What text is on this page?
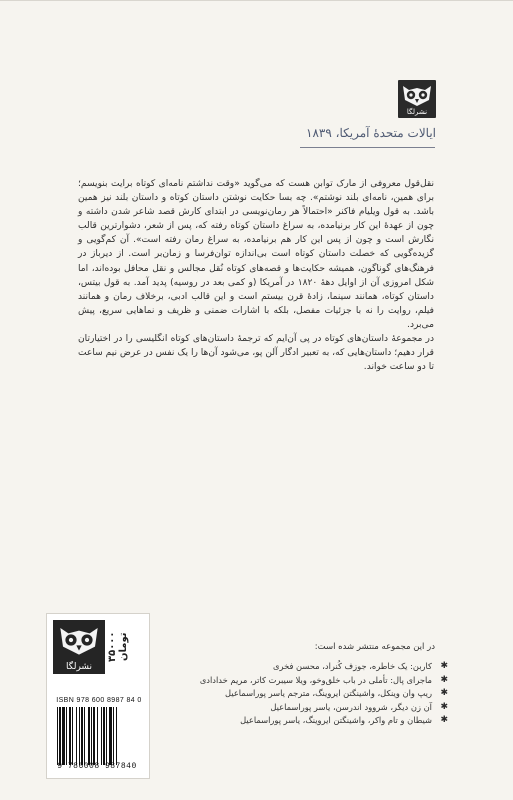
نشرلگا
ایالات متحدهٔ آمریکا، ۱۸۳۹

نقل‌قول معروفی از مارک توابن هست که می‌گوید «وقت نداشتم نامه‌ای کوتاه برایت بنویسم؛ برای همین، نامه‌ای بلند نوشتم». چه بسا حکایت نوشتن داستان کوتاه و داستان بلند نیز همین باشد. به قول ویلیام فاکنر «احتمالاً هر رمان‌نویسی در ابتدای کارش قصد شاعر شدن داشته و چون از عهدهٔ این کار برنیامده، به سراغ داستان کوتاه رفته که، پس از شعر، دشوارترین قالب نگارش است و چون از پس این کار هم برنیامده، به سراغ رمان رفته است». آن کم‌گویی و گزیده‌گویی که خصلت داستان کوتاه است بی‌اندازه توان‌فرسا و زمان‌بر است. از دیرباز در فرهنگ‌های گوناگون، همیشه حکایت‌ها و قصه‌های کوتاه نُقل مجالس و نقل محافل بوده‌اند، اما شکل امروزی آن از اوایل دههٔ ۱۸۲۰ در آمریکا (و کمی بعد در روسیه) پدید آمد. به قول بیتس، داستان کوتاه، همانند سینما، زادهٔ قرن بیستم است و این قالب ادبی، برخلاف رمان و همانند فیلم، روایت را نه با جزئیات مفصل، بلکه با اشارات ضمنی و ظریف و نماهایی سریع، پیش می‌برد.

در مجموعهٔ داستان‌های کوتاه در پی آن‌ایم که ترجمهٔ داستان‌های کوتاه انگلیسی را در اختیارتان قرار دهیم؛ داستان‌هایی که، به تعبیر ادگار آلن پو، می‌شود آن‌ها را یک نفس در عرض نیم ساعت تا دو ساعت خواند.

در این مجموعه منتشر شده است:
✱
کاربن: یک خاطره، جوزف کُنراد، محسن فخری
✱
ماجرای پال: تأملی در باب خلق‌وخو، ویلا سیبرت کاتر، مریم خدادادی
✱
ریپ وان وینکل، واشینگتن ایروینگ، مترجم یاسر پوراسماعیل
✱
آن زن دیگر، شروود اندرسن، یاسر پوراسماعیل
✱
شیطان و تام واکر، واشینگتن ایروینگ، یاسر پوراسماعیل
نشرلگا
۳۵۰۰۰ تومان
ISBN 978 600 8987 84 0
9 786008 987840
